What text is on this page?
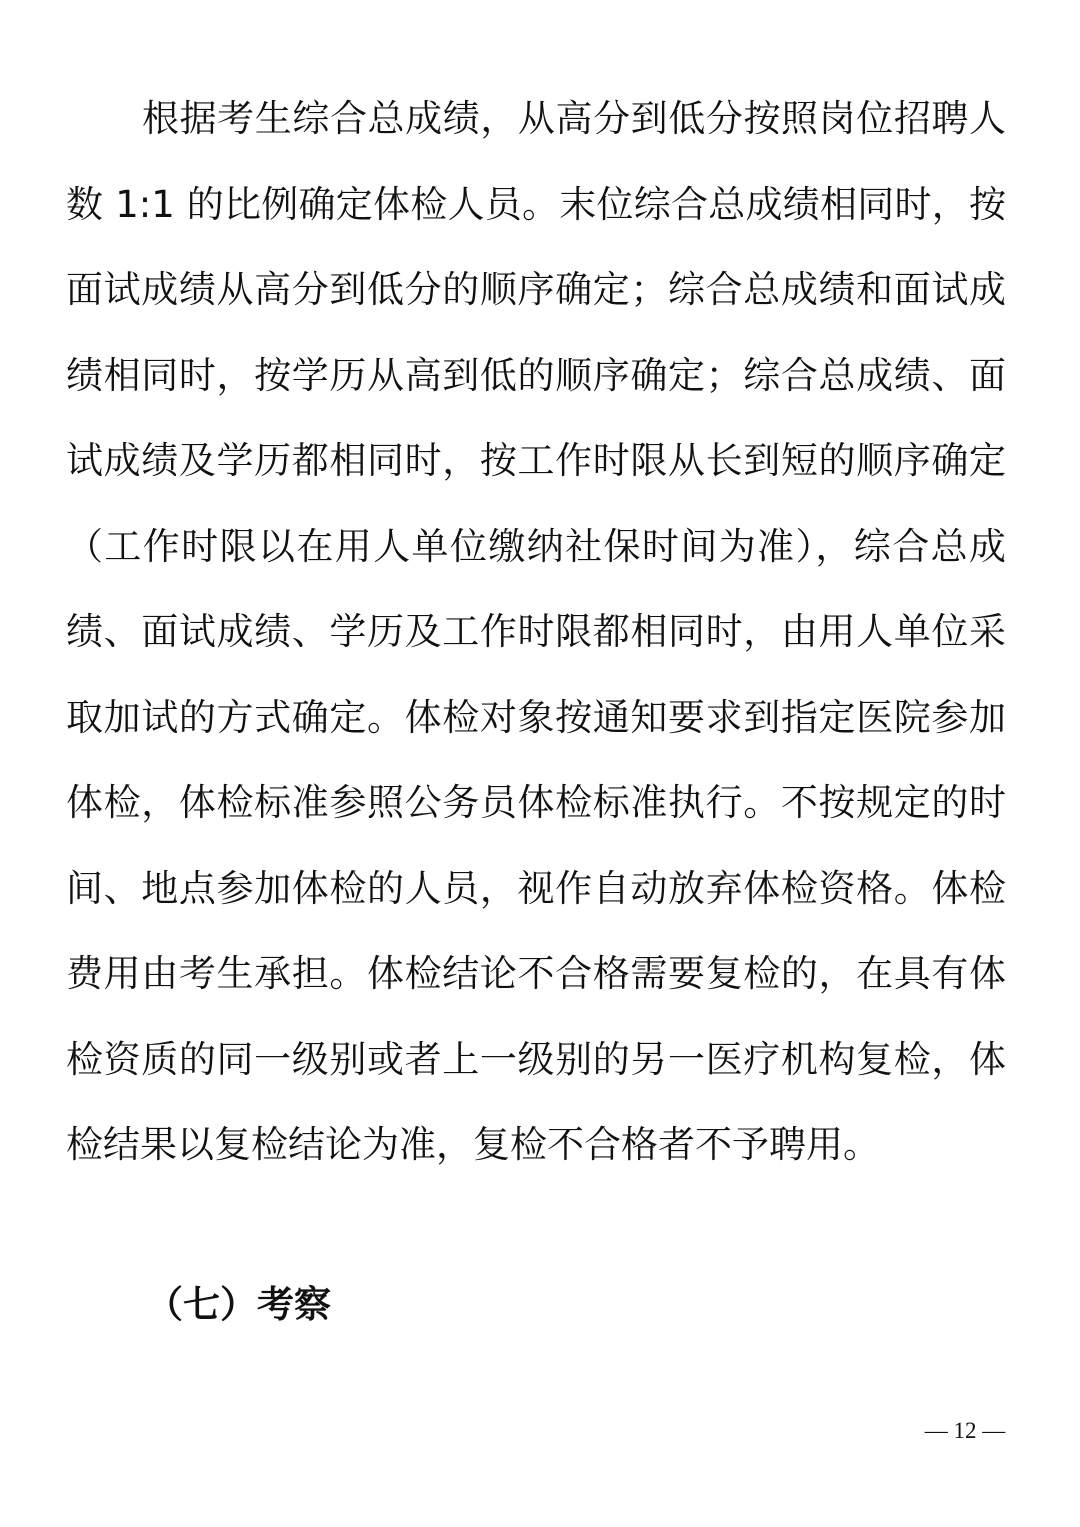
根据考生综合总成绩，从高分到低分按照岗位招聘人数 1:1 的比例确定体检人员。末位综合总成绩相同时，按面试成绩从高分到低分的顺序确定；综合总成绩和面试成绩相同时，按学历从高到低的顺序确定；综合总成绩、面试成绩及学历都相同时，按工作时限从长到短的顺序确定（工作时限以在用人单位缴纳社保时间为准），综合总成绩、面试成绩、学历及工作时限都相同时，由用人单位采取加试的方式确定。体检对象按通知要求到指定医院参加体检，体检标准参照公务员体检标准执行。不按规定的时间、地点参加体检的人员，视作自动放弃体检资格。体检费用由考生承担。体检结论不合格需要复检的，在具有体检资质的同一级别或者上一级别的另一医疗机构复检，体检结果以复检结论为准，复检不合格者不予聘用。

（七）考察
— 12 —
